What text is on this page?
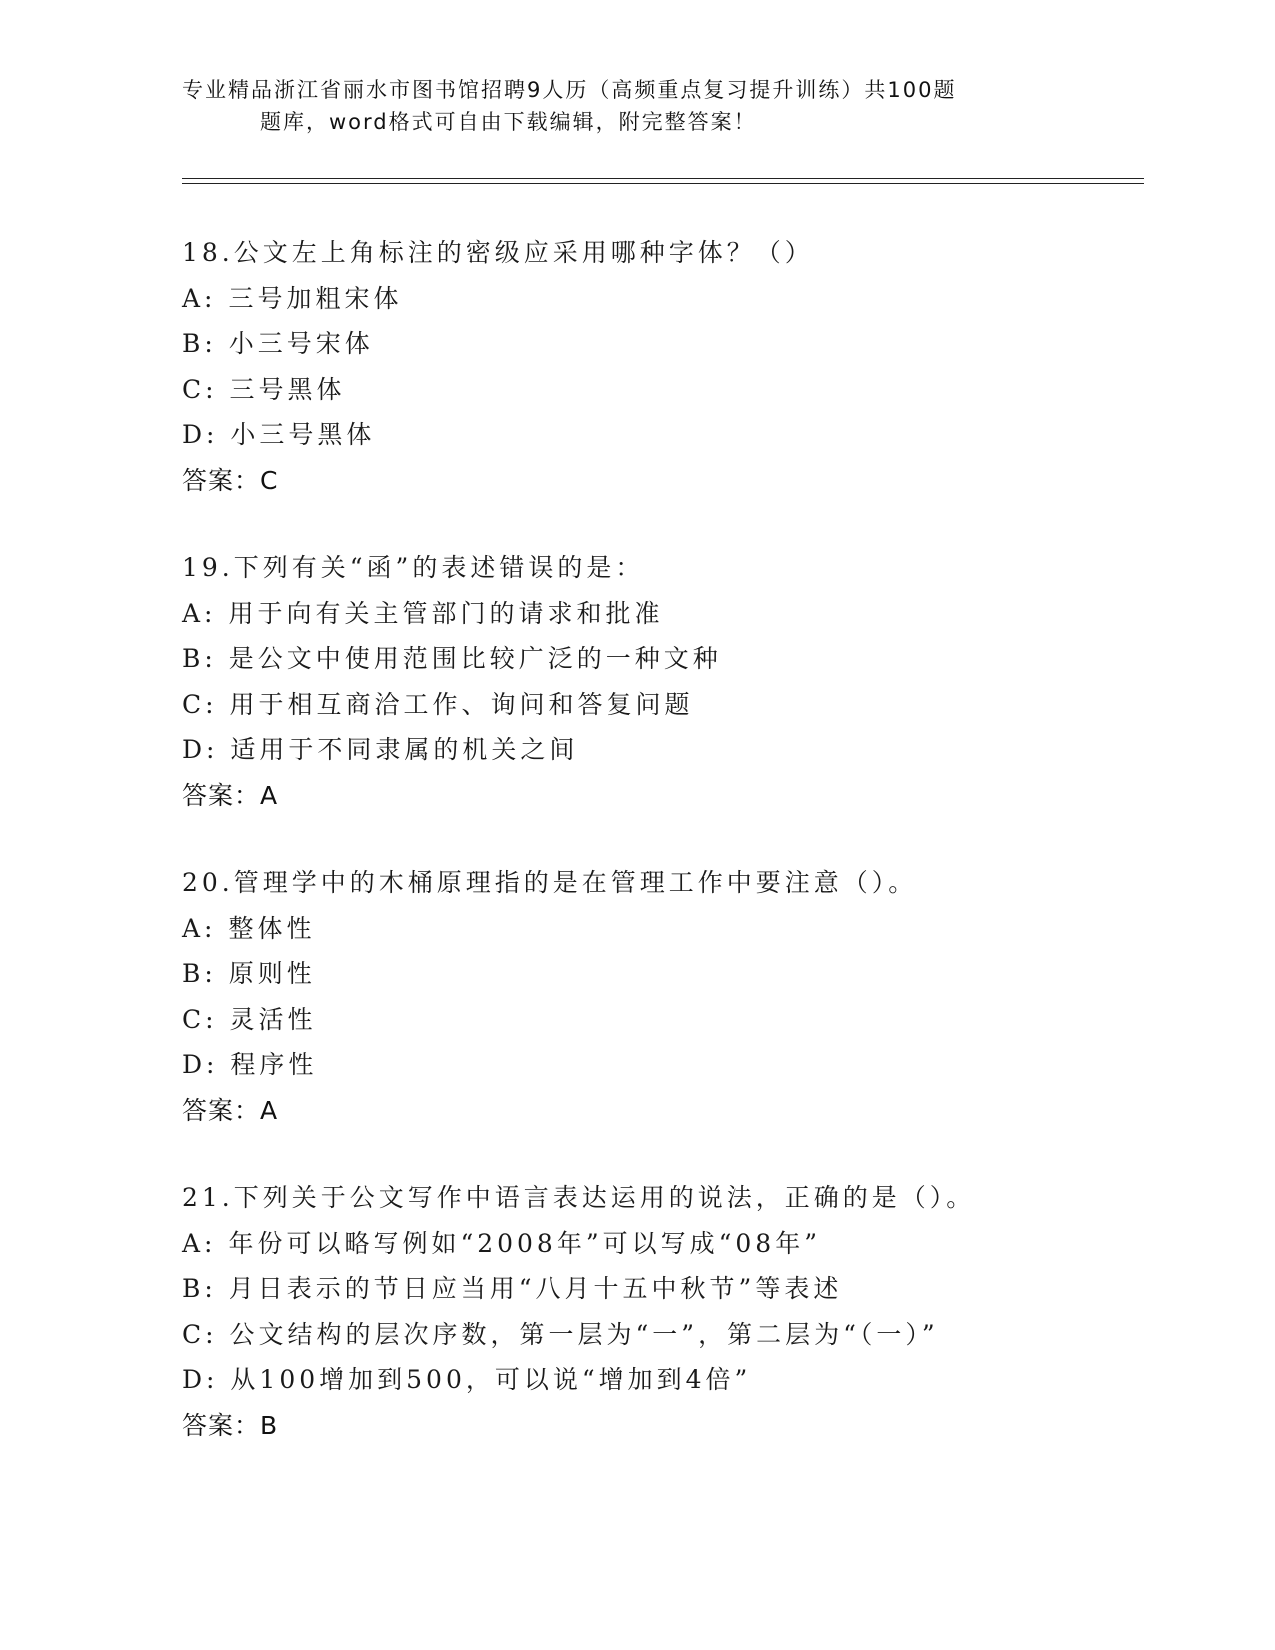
专业精品浙江省丽水市图书馆招聘9人历（高频重点复习提升训练）共100题
题库，word格式可自由下载编辑，附完整答案！
18.公文左上角标注的密级应采用哪种字体？（）
A: 三号加粗宋体
B: 小三号宋体
C: 三号黑体
D: 小三号黑体
答案：C
19.下列有关“函”的表述错误的是：
A: 用于向有关主管部门的请求和批准
B: 是公文中使用范围比较广泛的一种文种
C: 用于相互商洽工作、询问和答复问题
D: 适用于不同隶属的机关之间
答案：A
20.管理学中的木桶原理指的是在管理工作中要注意（）。
A: 整体性
B: 原则性
C: 灵活性
D: 程序性
答案：A
21.下列关于公文写作中语言表达运用的说法，正确的是（）。
A: 年份可以略写例如“2008年”可以写成“08年”
B: 月日表示的节日应当用“八月十五中秋节”等表述
C: 公文结构的层次序数，第一层为“一”，第二层为“（一）”
D: 从100增加到500，可以说“增加到4倍”
答案：B
